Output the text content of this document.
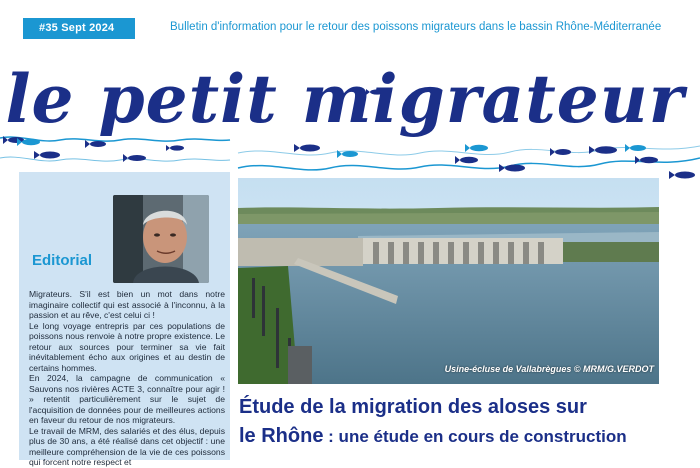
#35 Sept 2024	Bulletin d'information pour le retour des poissons migrateurs dans le bassin Rhône-Méditerranée
le petit migrateur
Editorial

Migrateurs. S'il est bien un mot dans notre imaginaire collectif qui est associé à l'inconnu, à la passion et au rêve, c'est celui ci !

Le long voyage entrepris par ces populations de poissons nous renvoie à notre propre existence. Le retour aux sources pour terminer sa vie fait inévitablement écho aux origines et au destin de certains hommes.

En 2024, la campagne de communication « Sauvons nos rivières ACTE 3, connaître pour agir ! » retentit particulièrement sur le sujet de l'acquisition de données pour de meilleures actions en faveur du retour de nos migrateurs.

Le travail de MRM, des salariés et des élus, depuis plus de 30 ans, a été réalisé dans cet objectif : une meilleure compréhension de la vie de ces poissons qui forcent notre respect et

Usine-écluse de Vallabrègues © MRM/G.VERDOT
Étude de la migration des aloses sur
le Rhône : une étude en cours de construction
